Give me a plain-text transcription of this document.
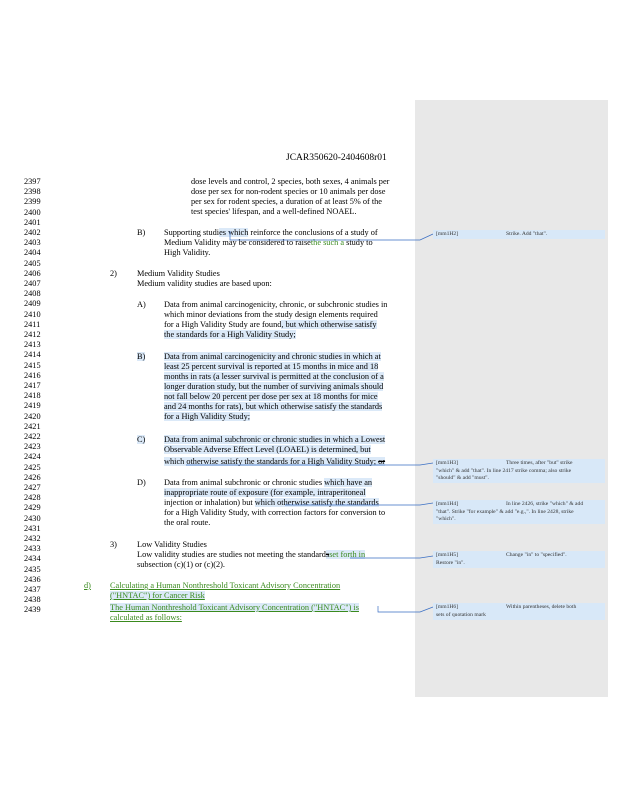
JCAR350620-2404608r01
2397
2398
2399
2400
2401
2402
2403
2404
2405
2406
2407
2408
2409
2410
2411
2412
2413
2414
2415
2416
2417
2418
2419
2420
2421
2422
2423
2424
2425
2426
2427
2428
2429
2430
2431
2432
2433
2434
2435
2436
2437
2438
2439
dose levels and control, 2 species, both sexes, 4 animals per
dose per sex for non-rodent species or 10 animals per dose
per sex for rodent species, a duration of at least 5% of the
test species' lifespan, and a well-defined NOAEL.
B) Supporting studies which reinforce the conclusions of a study of
Medium Validity may be considered to raisethe such a study to
High Validity.
2) Medium Validity Studies
Medium validity studies are based upon:
A) Data from animal carcinogenicity, chronic, or subchronic studies in
which minor deviations from the study design elements required
for a High Validity Study are found, but which otherwise satisfy
the standards for a High Validity Study;
B) Data from animal carcinogenicity and chronic studies in which at
least 25 percent survival is reported at 15 months in mice and 18
months in rats (a lesser survival is permitted at the conclusion of a
longer duration study, but the number of surviving animals should
not fall below 20 percent per dose per sex at 18 months for mice
and 24 months for rats), but which otherwise satisfy the standards
for a High Validity Study;
C) Data from animal subchronic or chronic studies in which a Lowest
Observable Adverse Effect Level (LOAEL) is determined, but
which otherwise satisfy the standards for a High Validity Study; or
D) Data from animal subchronic or chronic studies which have an
inappropriate route of exposure (for example, intraperitoneal
injection or inhalation) but which otherwise satisfy the standards
for a High Validity Study, with correction factors for conversion to
the oral route.
3) Low Validity Studies
Low validity studies are studies not meeting the standardsset forth in
subsection (c)(1) or (c)(2).
d) Calculating a Human Nonthreshold Toxicant Advisory Concentration
("HNTAC") for Cancer Risk
The Human Nonthreshold Toxicant Advisory Concentration ("HNTAC") is
calculated as follows:
[mm1H2]	Strike. Add "that".
[mm1H3]	Three times, after "but" strike
"which" & add "that". In line 2417 strike comma; also strike
"should" & add "must".
[mm1H4]	In line 2426, strike "which" & add
"that". Strike "for example" & add "e.g.,". In line 2428, strike
"which".
[mm1H5]	Change "in" to "specified".
Restore "in".
[mm1H6]	Within parentheses, delete both
sets of quotation mark
